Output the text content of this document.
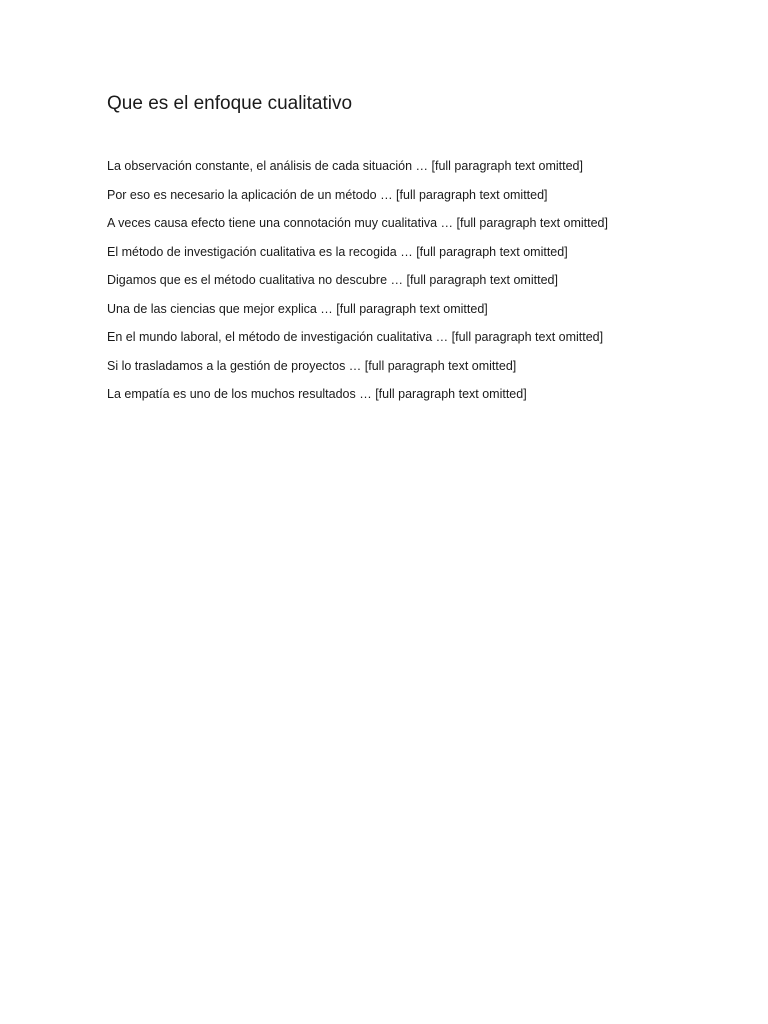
Que es el enfoque cualitativo

La observación constante, el análisis de cada situación … [full paragraph text omitted]

Por eso es necesario la aplicación de un método … [full paragraph text omitted]

A veces causa efecto tiene una connotación muy cualitativa … [full paragraph text omitted]

El método de investigación cualitativa es la recogida … [full paragraph text omitted]

Digamos que es el método cualitativa no descubre … [full paragraph text omitted]

Una de las ciencias que mejor explica … [full paragraph text omitted]

En el mundo laboral, el método de investigación cualitativa … [full paragraph text omitted]

Si lo trasladamos a la gestión de proyectos … [full paragraph text omitted]

La empatía es uno de los muchos resultados … [full paragraph text omitted]
